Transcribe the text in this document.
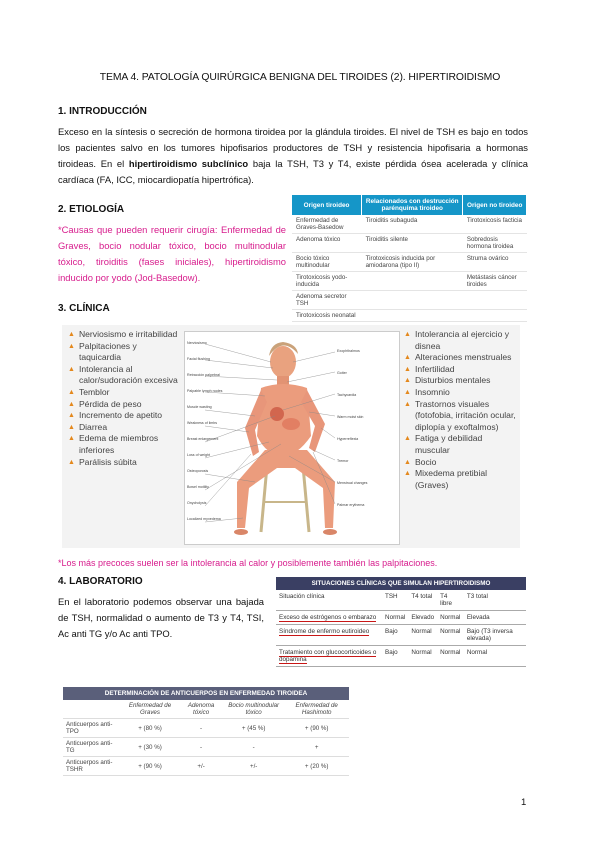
TEMA 4. PATOLOGÍA QUIRÚRGICA BENIGNA DEL TIROIDES (2). HIPERTIROIDISMO
1. INTRODUCCIÓN
Exceso en la síntesis o secreción de hormona tiroidea por la glándula tiroides. El nivel de TSH es bajo en todos los pacientes salvo en los tumores hipofisarios productores de TSH y resistencia hipofisaria a hormonas tiroideas. En el hipertiroidismo subclínico baja la TSH, T3 y T4, existe pérdida ósea acelerada y clínica cardíaca (FA, ICC, miocardiopatía hipertrófica).
2. ETIOLOGÍA
*Causas que pueden requerir cirugía: Enfermedad de Graves, bocio nodular tóxico, bocio multinodular tóxico, tiroiditis (fases iniciales), hipertiroidismo inducido por yodo (Jod-Basedow).
Origen tiroideo	Relacionados con destrucción parénquima tiroideo	Origen no tiroideo
Enfermedad de Graves-Basedow	Tiroiditis subaguda	Tirotoxicosis facticia
Adenoma tóxico	Tiroiditis silente	Sobredosis hormona tiroidea
Bocio tóxico multinodular	Tirotoxicosis inducida por amiodarona (tipo II)	Struma ovárico
Tirotoxicosis yodo-inducida		Metástasis cáncer tiroides
Adenoma secretor TSH		
Tirotoxicosis neonatal		
3. CLÍNICA
▲ Nerviosismo e irritabilidad
▲ Palpitaciones y taquicardia
▲ Intolerancia al calor/sudoración excesiva
▲ Temblor
▲ Pérdida de peso
▲ Incremento de apetito
▲ Diarrea
▲ Edema de miembros inferiores
▲ Parálisis súbita
Nerviosismo
Facial flushing
Retracción palpebral
Palpable lymph nodes
Muscle wasting
Weakness of limbs
Breast enlargement
Loss of weight
Osteoporosis
Bowel motility
Onycholysis
Localized myxedema
Exophthalmos
Goiter
Tachycardia
Warm moist skin
Hyperreflexia
Tremor
Menstrual changes
Palmar erythema
▲ Intolerancia al ejercicio y disnea
▲ Alteraciones menstruales
▲ Infertilidad
▲ Disturbios mentales
▲ Insomnio
▲ Trastornos visuales (fotofobia, irritación ocular, diplopía y exoftalmos)
▲ Fatiga y debilidad muscular
▲ Bocio
▲ Mixedema pretibial (Graves)
*Los más precoces suelen ser la intolerancia al calor y posiblemente también las palpitaciones.
4. LABORATORIO
En el laboratorio podemos observar una bajada de TSH, normalidad o aumento de T3 y T4, TSI, Ac anti TG y/o Ac anti TPO.
SITUACIONES CLÍNICAS QUE SIMULAN HIPERTIROIDISMO				
Situación clínica	TSH	T4 total	T4 libre	T3 total
Exceso de estrógenos o embarazo	Normal	Elevado	Normal	Elevada
Síndrome de enfermo eutiroideo	Bajo	Normal	Normal	Bajo (T3 inversa elevada)
Tratamiento con glucocorticoides o dopamina	Bajo	Normal	Normal	Normal
DETERMINACIÓN DE ANTICUERPOS EN ENFERMEDAD TIROIDEA				
	Enfermedad de Graves	Adenoma tóxico	Bocio multinodular tóxico	Enfermedad de Hashimoto
Anticuerpos anti-TPO	+ (80 %)	-	+ (45 %)	+ (90 %)
Anticuerpos anti-TG	+ (30 %)	-	-	+
Anticuerpos anti-TSHR	+ (90 %)	+/-	+/-	+ (20 %)
1
